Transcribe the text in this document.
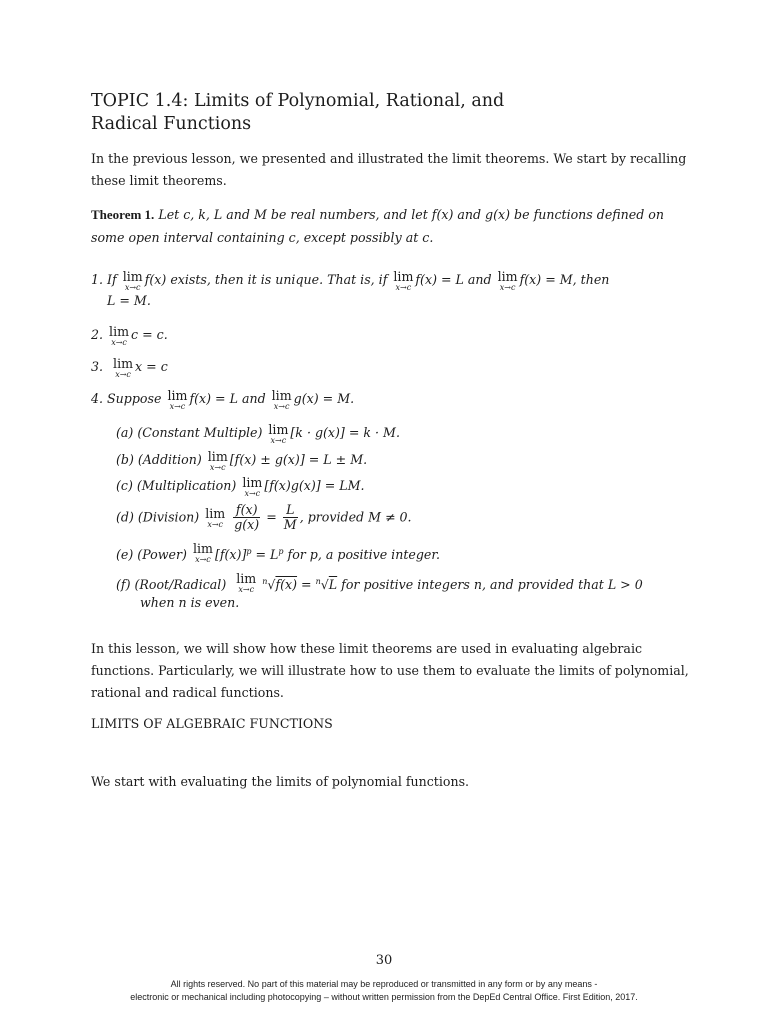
TOPIC 1.4: Limits of Polynomial, Rational, and
Radical Functions
In the previous lesson, we presented and illustrated the limit theorems. We start by recalling these limit theorems.
Theorem 1. Let c, k, L and M be real numbers, and let f(x) and g(x) be functions defined on some open interval containing c, except possibly at c.
1. If lim
x→c
f(x) exists, then it is unique. That is, if lim
x→c
f(x) = L and lim
x→c
f(x) = M, then
L = M.
2. lim
x→c
c = c.
3. lim
x→c
x = c
4. Suppose lim
x→c
f(x) = L and lim
x→c
g(x) = M.
(a) (Constant Multiple) lim
x→c
[k · g(x)] = k · M.
(b) (Addition) lim
x→c
[f(x) ± g(x)] = L ± M.
(c) (Multiplication) lim
x→c
[f(x)g(x)] = LM.
(d) (Division) lim
x→c
$\frac{f(x)}{g(x)} = \frac{L}{M}$ , provided M ≠ 0.
(e) (Power) lim
x→c $[f(x)]^p = L^p$ for p, a positive integer.
(f) (Root/Radical) lim
x→c
$^n$√f(x) = $^n$√L for positive integers n, and provided that L > 0
when n is even.
In this lesson, we will show how these limit theorems are used in evaluating algebraic functions. Particularly, we will illustrate how to use them to evaluate the limits of polynomial, rational and radical functions.
LIMITS OF ALGEBRAIC FUNCTIONS
We start with evaluating the limits of polynomial functions.
30
All rights reserved. No part of this material may be reproduced or transmitted in any form or by any means -
electronic or mechanical including photocopying – without written permission from the DepEd Central Office. First Edition, 2017.
